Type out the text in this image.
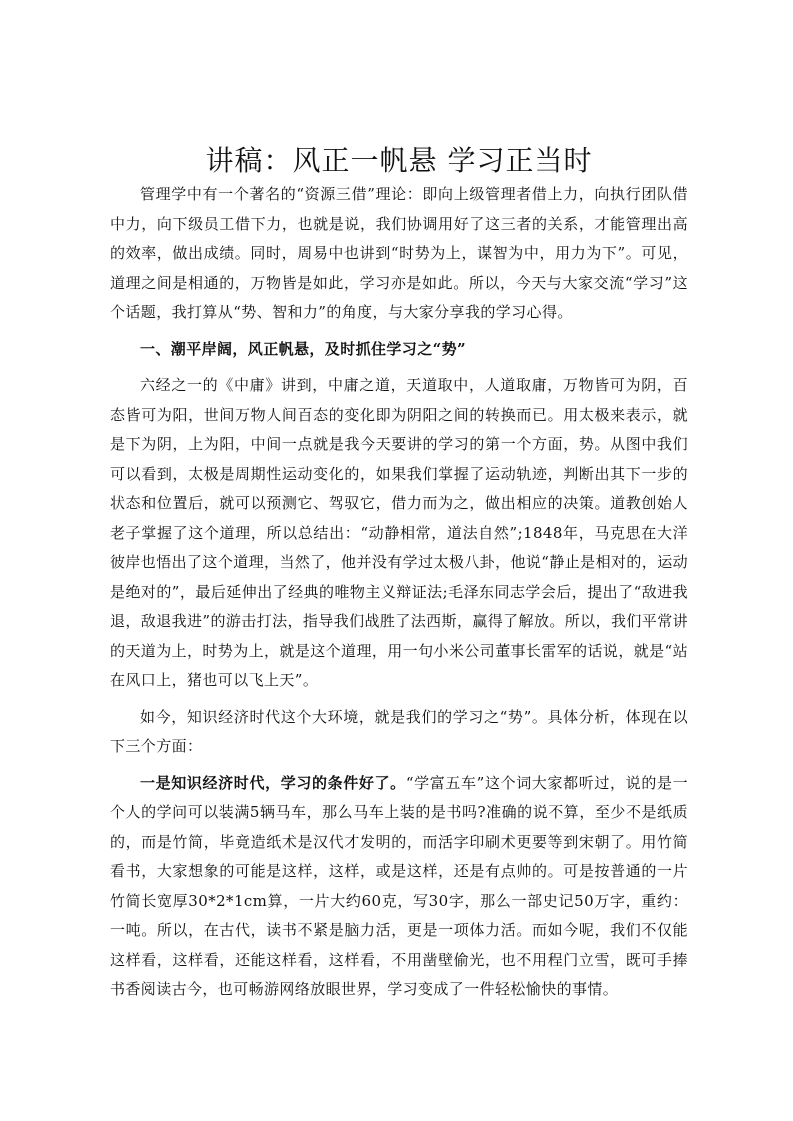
讲稿：风正一帆悬 学习正当时

管理学中有一个著名的“资源三借”理论：即向上级管理者借上力，向执行团队借中力，向下级员工借下力，也就是说，我们协调用好了这三者的关系，才能管理出高的效率，做出成绩。同时，周易中也讲到“时势为上，谋智为中，用力为下”。可见，道理之间是相通的，万物皆是如此，学习亦是如此。所以，今天与大家交流“学习”这个话题，我打算从“势、智和力”的角度，与大家分享我的学习心得。

一、潮平岸阔，风正帆悬，及时抓住学习之“势”

六经之一的《中庸》讲到，中庸之道，天道取中，人道取庸，万物皆可为阴，百态皆可为阳，世间万物人间百态的变化即为阴阳之间的转换而已。用太极来表示，就是下为阴，上为阳，中间一点就是我今天要讲的学习的第一个方面，势。从图中我们可以看到，太极是周期性运动变化的，如果我们掌握了运动轨迹，判断出其下一步的状态和位置后，就可以预测它、驾驭它，借力而为之，做出相应的决策。道教创始人老子掌握了这个道理，所以总结出：“动静相常，道法自然”;1848年，马克思在大洋彼岸也悟出了这个道理，当然了，他并没有学过太极八卦，他说“静止是相对的，运动是绝对的”，最后延伸出了经典的唯物主义辩证法;毛泽东同志学会后，提出了“敌进我退，敌退我进”的游击打法，指导我们战胜了法西斯，赢得了解放。所以，我们平常讲的天道为上，时势为上，就是这个道理，用一句小米公司董事长雷军的话说，就是“站在风口上，猪也可以飞上天”。

如今，知识经济时代这个大环境，就是我们的学习之“势”。具体分析，体现在以下三个方面：

一是知识经济时代，学习的条件好了。“学富五车”这个词大家都听过，说的是一个人的学问可以装满5辆马车，那么马车上装的是书吗?准确的说不算，至少不是纸质的，而是竹简，毕竟造纸术是汉代才发明的，而活字印刷术更要等到宋朝了。用竹简看书，大家想象的可能是这样，这样，或是这样，还是有点帅的。可是按普通的一片竹简长宽厚30*2*1cm算，一片大约60克，写30字，那么一部史记50万字，重约：一吨。所以，在古代，读书不紧是脑力活，更是一项体力活。而如今呢，我们不仅能这样看，这样看，还能这样看，这样看，不用凿壁偷光，也不用程门立雪，既可手捧书香阅读古今，也可畅游网络放眼世界，学习变成了一件轻松愉快的事情。
